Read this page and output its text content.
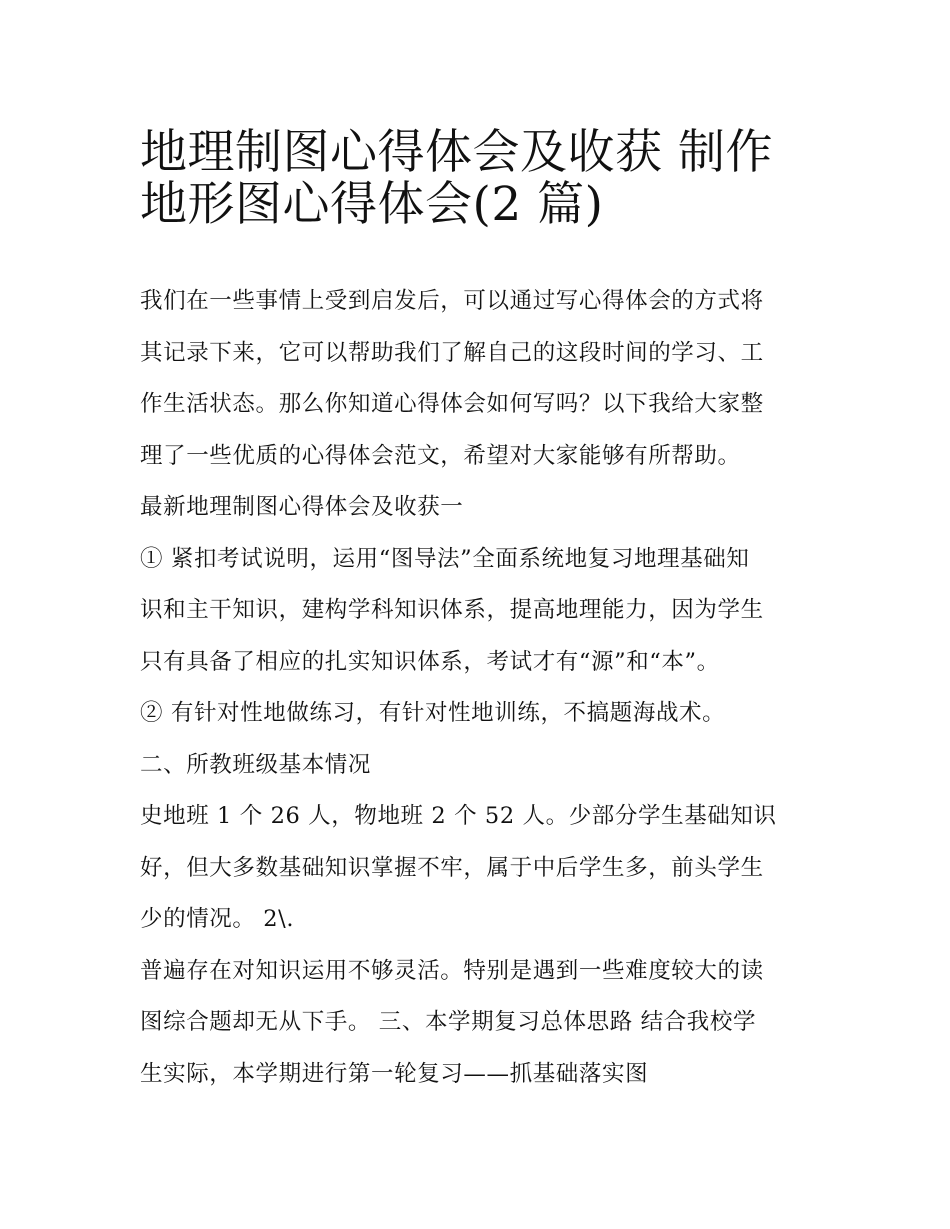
地理制图心得体会及收获 制作
地形图心得体会(2 篇)

我们在一些事情上受到启发后，可以通过写心得体会的方式将
其记录下来，它可以帮助我们了解自己的这段时间的学习、工
作生活状态。那么你知道心得体会如何写吗？以下我给大家整
理了一些优质的心得体会范文，希望对大家能够有所帮助。

最新地理制图心得体会及收获一

① 紧扣考试说明，运用“图导法”全面系统地复习地理基础知
识和主干知识，建构学科知识体系，提高地理能力，因为学生
只有具备了相应的扎实知识体系，考试才有“源”和“本”。

② 有针对性地做练习，有针对性地训练，不搞题海战术。

二、所教班级基本情况

史地班 1 个 26 人，物地班 2 个 52 人。少部分学生基础知识
好，但大多数基础知识掌握不牢，属于中后学生多，前头学生
少的情况。 2\.

普遍存在对知识运用不够灵活。特别是遇到一些难度较大的读
图综合题却无从下手。 三、本学期复习总体思路 结合我校学
生实际，本学期进行第一轮复习——抓基础落实图
